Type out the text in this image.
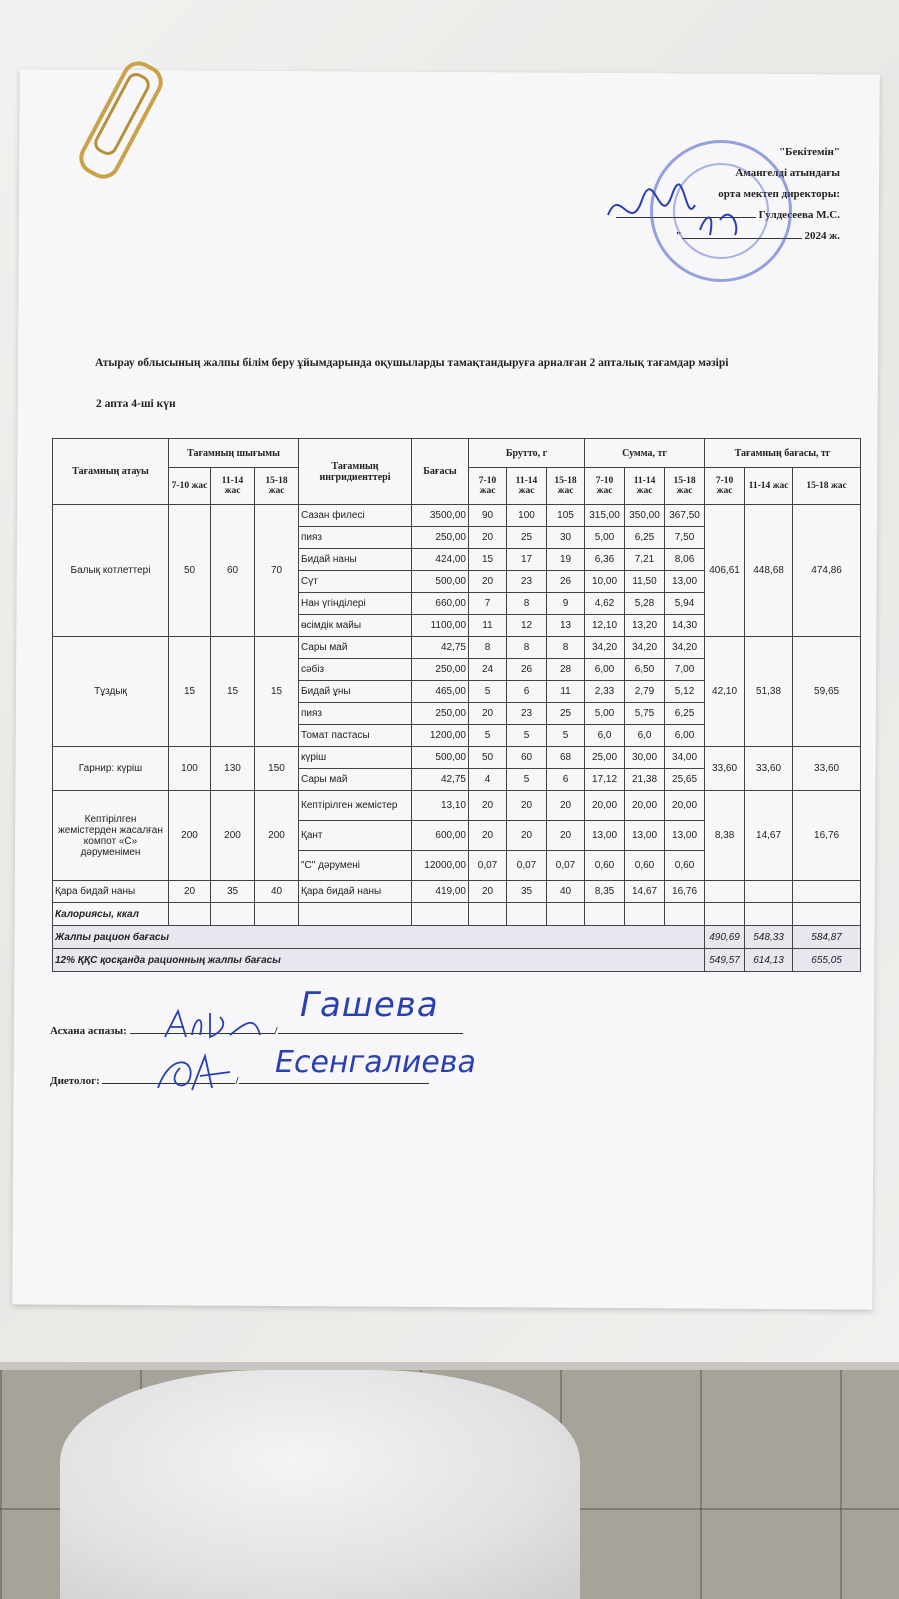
"Бекітемін"
Амангелді атындағы
орта мектеп директоры:
Гулдесеева М.С.
"	2024 ж.
Атырау облысының жалпы білім беру ұйымдарында оқушыларды тамақтандыруға арналған 2 апталық тағамдар мәзірі
2 апта 4-ші күн
Тағамның атауы	Тағамның шығымы			Тағамның ингридиенттері	Бағасы	Брутто, г			Сумма, тг			Тағамның бағасы, тг		
	7-10 жас	11-14 жас	15-18 жас			7-10 жас	11-14 жас	15-18 жас	7-10 жас	11-14 жас	15-18 жас	7-10 жас	11-14 жас	15-18 жас
Балық котлеттері	50	60	70	Сазан филесі	3500,00	90	100	105	315,00	350,00	367,50	406,61	448,68	474,86
				пияз	250,00	20	25	30	5,00	6,25	7,50			
				Бидай наны	424,00	15	17	19	6,36	7,21	8,06			
				Сүт	500,00	20	23	26	10,00	11,50	13,00			
				Нан үгінділері	660,00	7	8	9	4,62	5,28	5,94			
				өсімдік майы	1100,00	11	12	13	12,10	13,20	14,30			
Тұздық	15	15	15	Сары май	42,75	8	8	8	34,20	34,20	34,20	42,10	51,38	59,65
				сәбіз	250,00	24	26	28	6,00	6,50	7,00			
				Бидай ұны	465,00	5	6	11	2,33	2,79	5,12			
				пияз	250,00	20	23	25	5,00	5,75	6,25			
				Томат пастасы	1200,00	5	5	5	6,0	6,0	6,00			
Гарнир: күріш	100	130	150	күріш	500,00	50	60	68	25,00	30,00	34,00	33,60	33,60	33,60
				Сары май	42,75	4	5	6	17,12	21,38	25,65			
Кептірілген жемістерден жасалған компот «С» дәруменімен	200	200	200	Кептірілген жемістер	13,10	20	20	20	20,00	20,00	20,00	8,38	14,67	16,76
				Қант	600,00	20	20	20	13,00	13,00	13,00			
				"С" дәрумені	12000,00	0,07	0,07	0,07	0,60	0,60	0,60			
Қара бидай наны	20	35	40	Қара бидай наны	419,00	20	35	40	8,35	14,67	16,76			
Калориясы, ккал														
Жалпы рацион бағасы												490,69	548,33	584,87
12% ҚҚС қосқанда рационның жалпы бағасы												549,57	614,13	655,05
Асхана аспазы:	/
Диетолог:	/
Гашева
Есенгалиева
